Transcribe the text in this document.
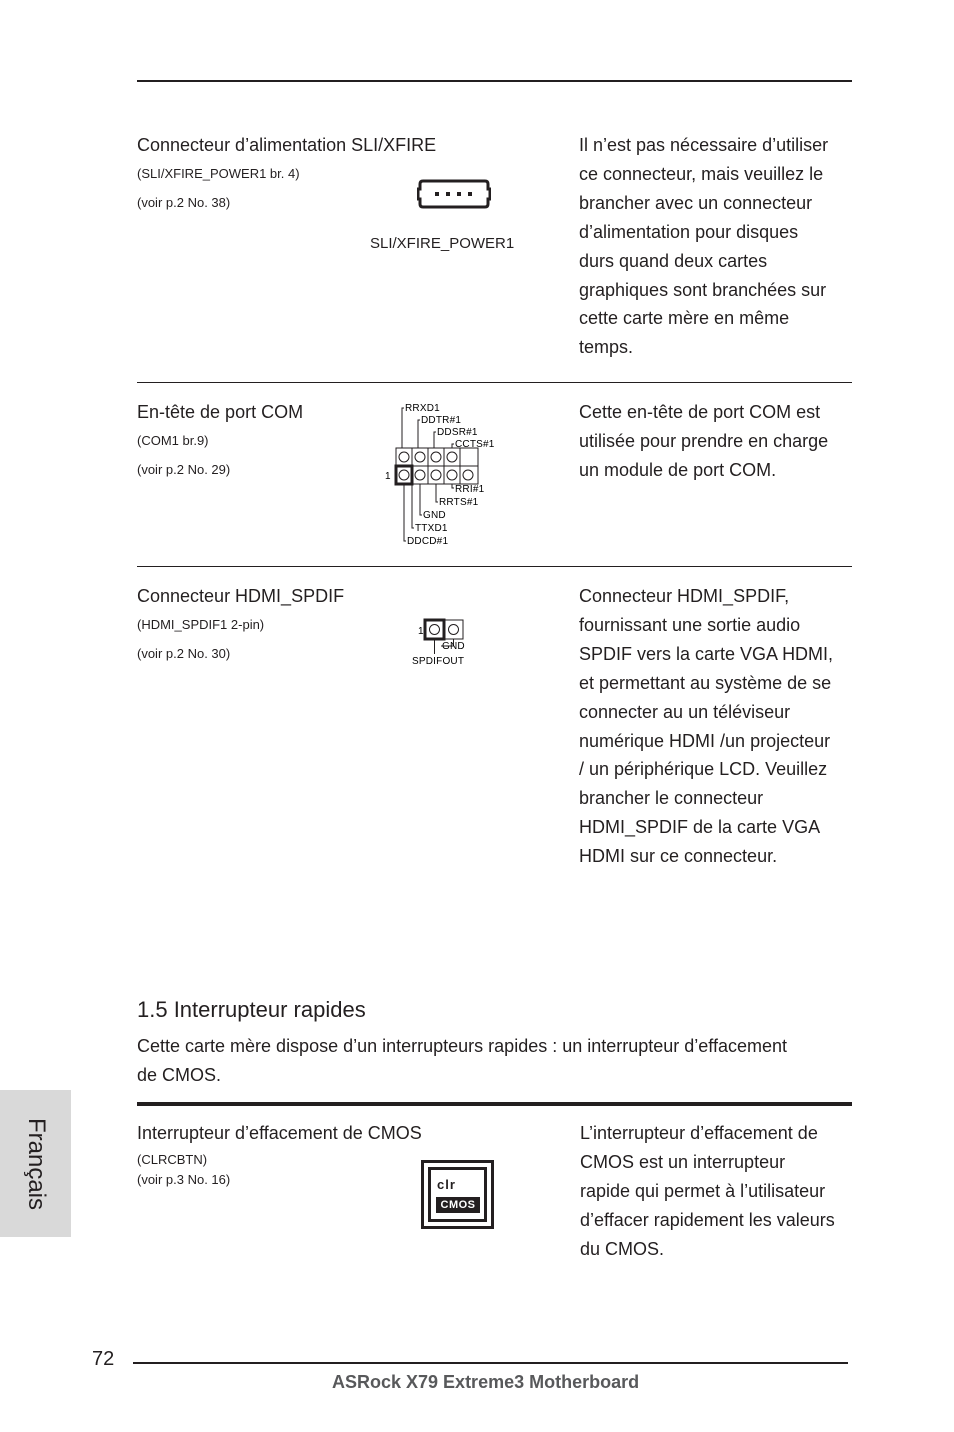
Connecteur d’alimentation SLI/XFIRE
(SLI/XFIRE_POWER1 br. 4)
(voir p.2 No. 38)
SLI/XFIRE_POWER1
Il n’est pas nécessaire d’utiliser
ce connecteur, mais veuillez le
brancher avec un connecteur
d’alimentation pour disques
durs quand deux cartes
graphiques sont branchées sur
cette carte mère en même
temps.
En-tête de port COM
(COM1 br.9)
(voir p.2 No. 29)
RRXD1
DDTR#1
DDSR#1
CCTS#1
RRI#1
RRTS#1
GND
TTXD1
DDCD#1
1
Cette en-tête de port COM est
utilisée pour prendre en charge
un module de port COM.
Connecteur HDMI_SPDIF
(HDMI_SPDIF1 2-pin)
(voir p.2 No. 30)
1
GND
SPDIFOUT
Connecteur HDMI_SPDIF,
fournissant une sortie audio
SPDIF vers la carte VGA HDMI,
et permettant au système de se
connecter au un téléviseur
numérique HDMI /un projecteur
/ un périphérique LCD. Veuillez
brancher le connecteur
HDMI_SPDIF de la carte VGA
HDMI sur ce connecteur.
1.5 Interrupteur rapides
Cette carte mère dispose d’un interrupteurs rapides : un interrupteur d’effacement
de CMOS.
Interrupteur d’effacement de CMOS
(CLRCBTN)
(voir p.3 No. 16)	clr
CMOS
L’interrupteur d’effacement de
CMOS est un interrupteur
rapide qui permet à l’utilisateur
d’effacer rapidement les valeurs
du CMOS.
Français
72
ASRock X79 Extreme3 Motherboard
